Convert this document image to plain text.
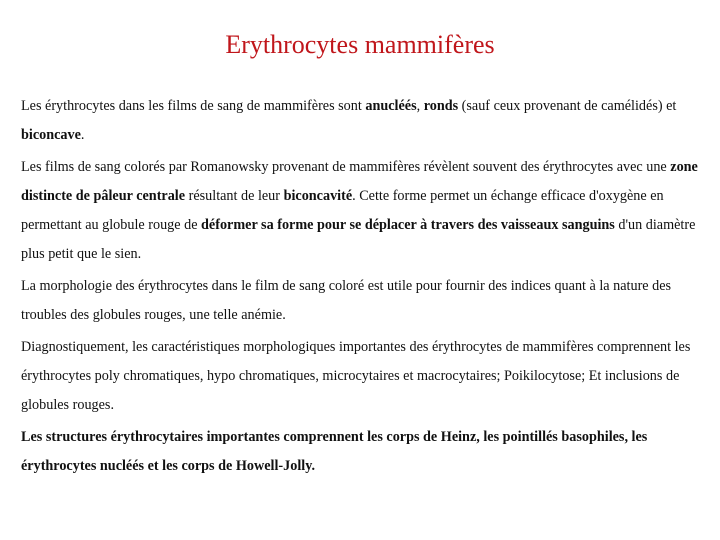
Erythrocytes mammifères

Les érythrocytes dans les films de sang de mammifères sont anucléés, ronds (sauf ceux provenant de camélidés) et biconcave.

Les films de sang colorés par Romanowsky provenant de mammifères révèlent souvent des érythrocytes avec une zone distincte de pâleur centrale résultant de leur biconcavité. Cette forme permet un échange efficace d'oxygène en permettant au globule rouge de déformer sa forme pour se déplacer à travers des vaisseaux sanguins d'un diamètre plus petit que le sien.

La morphologie des érythrocytes dans le film de sang coloré est utile pour fournir des indices quant à la nature des troubles des globules rouges, une telle anémie.

Diagnostiquement, les caractéristiques morphologiques importantes des érythrocytes de mammifères comprennent les érythrocytes poly chromatiques, hypo chromatiques, microcytaires et macrocytaires; Poikilocytose; Et inclusions de globules rouges.

Les structures érythrocytaires importantes comprennent les corps de Heinz, les pointillés basophiles, les érythrocytes nucléés et les corps de Howell-Jolly.
